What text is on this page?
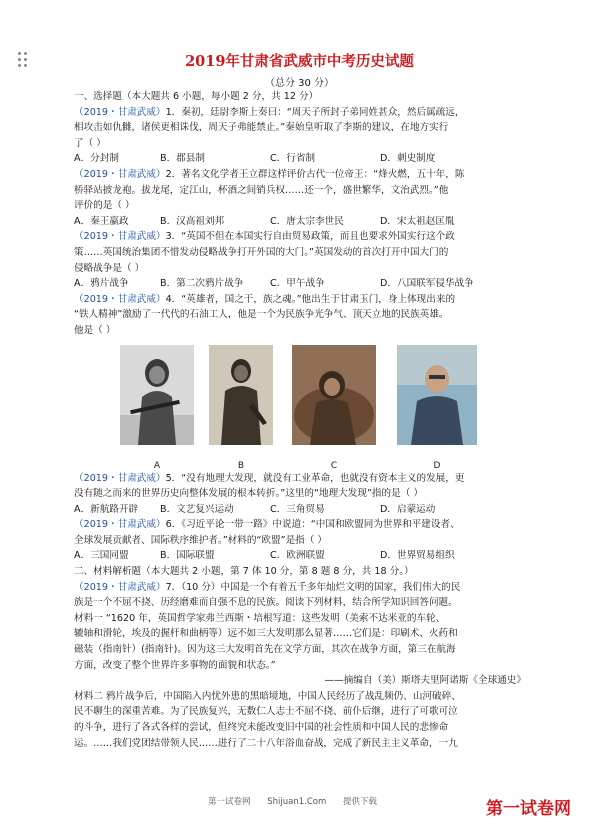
2019年甘肃省武威市中考历史试题
（总分 30 分）
一、选择题（本大题共 6 小题，每小题 2 分，共 12 分）
（2019・甘肃武威）1．秦初，廷尉李斯上奏曰：“周天子所封子弟同姓甚众，然后属疏远，
相攻击如仇雠，诸侯更相诛伐，周天子弗能禁止。”秦始皇听取了李斯的建议，在地方实行
了（ ）
A．分封制	B．郡县制	C．行省制	D．刺史制度
（2019・甘肃武威）2．著名文化学者王立群这样评价古代一位帝王：“烽火燃，五十年，陈
桥驿站披龙袍。拔龙尾，定江山，杯酒之间销兵权……还一个，盛世繁华，文治武烈。”他
评价的是（ ）
A．秦王嬴政	B．汉高祖刘邦	C．唐太宗李世民	D．宋太祖赵匡胤
（2019・甘肃武威）3．“英国不但在本国实行自由贸易政策，而且也要求外国实行这个政
策……英国统治集团不惜发动侵略战争打开外国的大门。”英国发动的首次打开中国大门的
侵略战争是（ ）
A．鸦片战争	B．第二次鸦片战争	C．甲午战争	D．八国联军侵华战争
（2019・甘肃武威）4．“英雄者，国之干，族之魂。”他出生于甘肃玉门，身上体现出来的
“铁人精神”激励了一代代的石油工人，他是一个为民族争光争气、顶天立地的民族英雄。
他是（ ）
A	B	C	D
（2019・甘肃武威）5．“没有地理大发现，就没有工业革命，也就没有资本主义的发展，更
没有随之而来的世界历史向整体发展的根本转折。”这里的“地理大发现”指的是（ ）
A．新航路开辟	B．文艺复兴运动	C．三角贸易	D．启蒙运动
（2019・甘肃武威）6．《习近平论一带一路》中说道：“中国和欧盟同为世界和平建设者、
全球发展贡献者、国际秩序维护者。”材料的“欧盟”是指（ ）
A．三国同盟	B．国际联盟	C．欧洲联盟	D．世界贸易组织
二、材料解析题（本大题共 2 小题，第 7 体 10 分，第 8 题 8 分，共 18 分。）
（2019・甘肃武威）7．（10 分）中国是一个有着五千多年灿烂文明的国家，我们伟大的民
族是一个不屈不挠、历经磨难而自强不息的民族。阅读下列材料，结合所学知识回答问题。
材料一 “1620 年，英国哲学家弗兰西斯・培根写道：这些发明（美索不达米亚的车轮、
辘轴和滑轮，埃及的握杆和曲柄等）远不如三大发明那么显著……它们是：印刷术、火药和
磁装（指南针）(指南针)。因为这三大发明首先在文学方面，其次在战争方面，第三在航海
方面，改变了整个世界许多事物的面貌和状态。”
——摘编自（美）斯塔夫里阿诺斯《全球通史》
材料二 鸦片战争后，中国陷入内忧外患的黑暗境地，中国人民经历了战乱频仍、山河破碎、
民不聊生的深重苦难。为了民族复兴，无数仁人志士不屈不挠、前仆后继，进行了可歌可泣
的斗争，进行了各式各样的尝试，但终究未能改变旧中国的社会性质和中国人民的悲惨命
运。……我们党团结带领人民……进行了二十八年浴血奋战，完成了新民主主义革命，一九
第一试卷网 Shijuan1.Com 提供下载	第一试卷网
